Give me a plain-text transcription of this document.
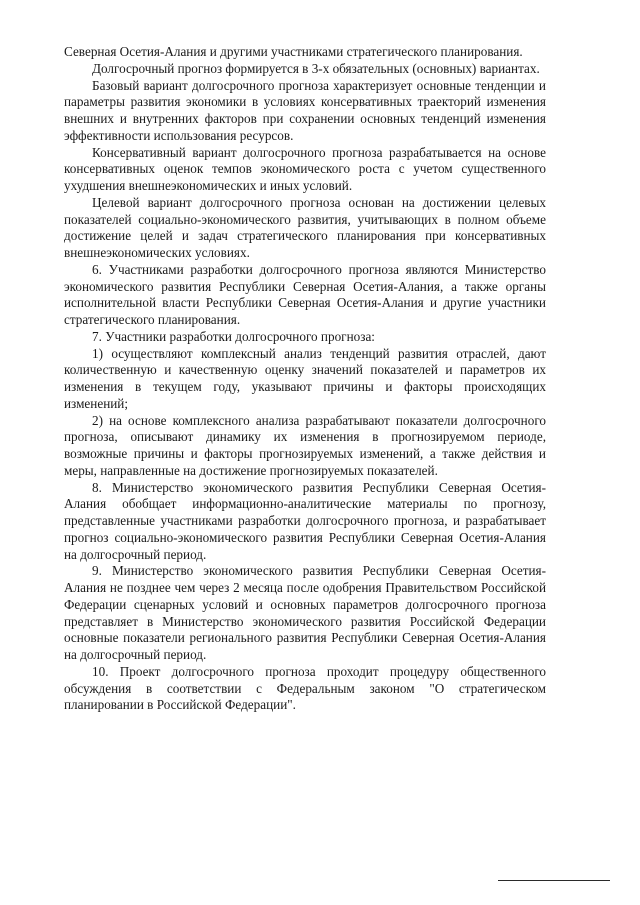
Северная Осетия-Алания и другими участниками стратегического планирования.

Долгосрочный прогноз формируется в 3-х обязательных (основных) вариантах.

Базовый вариант долгосрочного прогноза характеризует основные тенденции и параметры развития экономики в условиях консервативных траекторий изменения внешних и внутренних факторов при сохранении основных тенденций изменения эффективности использования ресурсов.

Консервативный вариант долгосрочного прогноза разрабатывается на основе консервативных оценок темпов экономического роста с учетом существенного ухудшения внешнеэкономических и иных условий.

Целевой вариант долгосрочного прогноза основан на достижении целевых показателей социально-экономического развития, учитывающих в полном объеме достижение целей и задач стратегического планирования при консервативных внешнеэкономических условиях.

6. Участниками разработки долгосрочного прогноза являются Министерство экономического развития Республики Северная Осетия-Алания, а также органы исполнительной власти Республики Северная Осетия-Алания и другие участники стратегического планирования.

7. Участники разработки долгосрочного прогноза:

1) осуществляют комплексный анализ тенденций развития отраслей, дают количественную и качественную оценку значений показателей и параметров их изменения в текущем году, указывают причины и факторы происходящих изменений;

2) на основе комплексного анализа разрабатывают показатели долгосрочного прогноза, описывают динамику их изменения в прогнозируемом периоде, возможные причины и факторы прогнозируемых изменений, а также действия и меры, направленные на достижение прогнозируемых показателей.

8. Министерство экономического развития Республики Северная Осетия-Алания обобщает информационно-аналитические материалы по прогнозу, представленные участниками разработки долгосрочного прогноза, и разрабатывает прогноз социально-экономического развития Республики Северная Осетия-Алания на долгосрочный период.

9. Министерство экономического развития Республики Северная Осетия-Алания не позднее чем через 2 месяца после одобрения Правительством Российской Федерации сценарных условий и основных параметров долгосрочного прогноза представляет в Министерство экономического развития Российской Федерации основные показатели регионального развития Республики Северная Осетия-Алания на долгосрочный период.

10. Проект долгосрочного прогноза проходит процедуру общественного обсуждения в соответствии с Федеральным законом "О стратегическом планировании в Российской Федерации".
